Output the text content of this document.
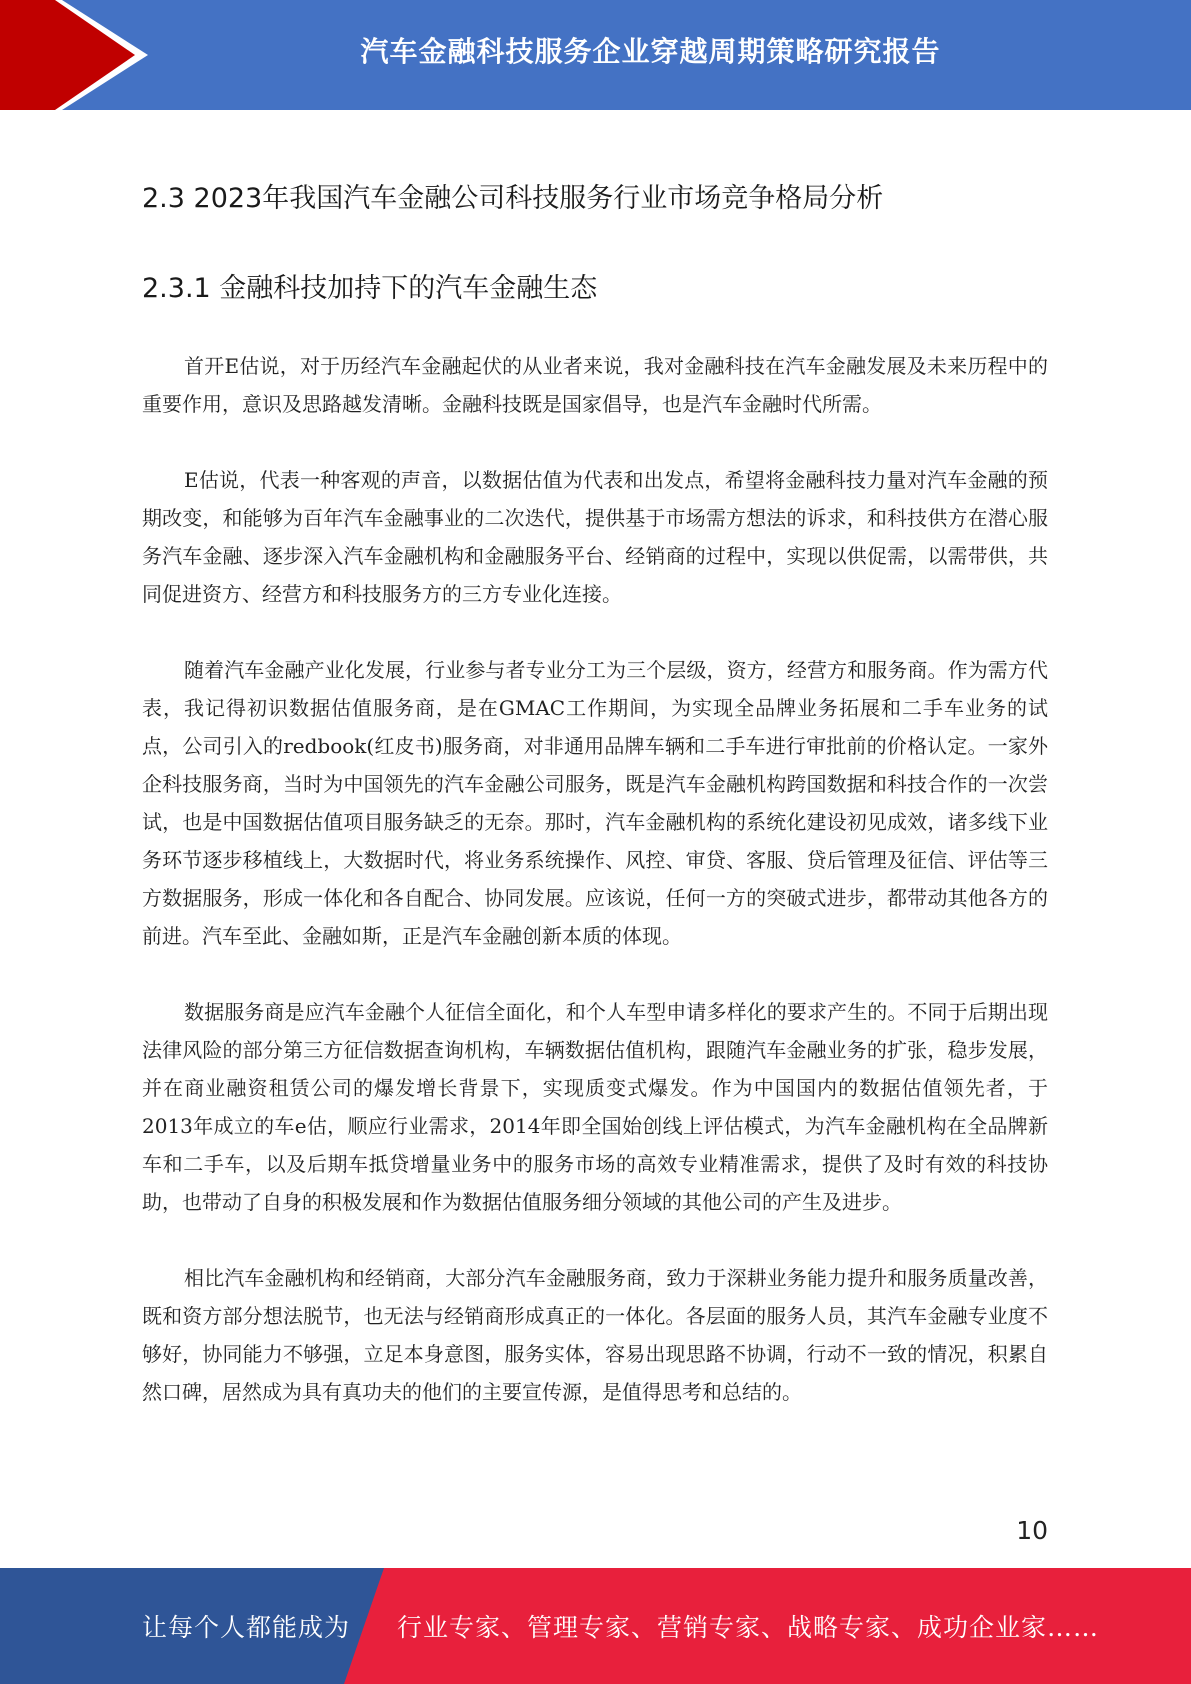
汽车金融科技服务企业穿越周期策略研究报告
2.3 2023年我国汽车金融公司科技服务行业市场竞争格局分析
2.3.1 金融科技加持下的汽车金融生态

首开E估说，对于历经汽车金融起伏的从业者来说，我对金融科技在汽车金融发展及未来历程中的重要作用，意识及思路越发清晰。金融科技既是国家倡导，也是汽车金融时代所需。

E估说，代表一种客观的声音，以数据估值为代表和出发点，希望将金融科技力量对汽车金融的预期改变，和能够为百年汽车金融事业的二次迭代，提供基于市场需方想法的诉求，和科技供方在潜心服务汽车金融、逐步深入汽车金融机构和金融服务平台、经销商的过程中，实现以供促需，以需带供，共同促进资方、经营方和科技服务方的三方专业化连接。

随着汽车金融产业化发展，行业参与者专业分工为三个层级，资方，经营方和服务商。作为需方代表，我记得初识数据估值服务商，是在GMAC工作期间，为实现全品牌业务拓展和二手车业务的试点，公司引入的redbook(红皮书)服务商，对非通用品牌车辆和二手车进行审批前的价格认定。一家外企科技服务商，当时为中国领先的汽车金融公司服务，既是汽车金融机构跨国数据和科技合作的一次尝试，也是中国数据估值项目服务缺乏的无奈。那时，汽车金融机构的系统化建设初见成效，诸多线下业务环节逐步移植线上，大数据时代，将业务系统操作、风控、审贷、客服、贷后管理及征信、评估等三方数据服务，形成一体化和各自配合、协同发展。应该说，任何一方的突破式进步，都带动其他各方的前进。汽车至此、金融如斯，正是汽车金融创新本质的体现。

数据服务商是应汽车金融个人征信全面化，和个人车型申请多样化的要求产生的。不同于后期出现法律风险的部分第三方征信数据查询机构，车辆数据估值机构，跟随汽车金融业务的扩张，稳步发展，并在商业融资租赁公司的爆发增长背景下，实现质变式爆发。作为中国国内的数据估值领先者，于2013年成立的车e估，顺应行业需求，2014年即全国始创线上评估模式，为汽车金融机构在全品牌新车和二手车，以及后期车抵贷增量业务中的服务市场的高效专业精准需求，提供了及时有效的科技协助，也带动了自身的积极发展和作为数据估值服务细分领域的其他公司的产生及进步。

相比汽车金融机构和经销商，大部分汽车金融服务商，致力于深耕业务能力提升和服务质量改善，既和资方部分想法脱节，也无法与经销商形成真正的一体化。各层面的服务人员，其汽车金融专业度不够好，协同能力不够强，立足本身意图，服务实体，容易出现思路不协调，行动不一致的情况，积累自然口碑，居然成为具有真功夫的他们的主要宣传源，是值得思考和总结的。

10
让每个人都能成为 行业专家、管理专家、营销专家、战略专家、成功企业家……
